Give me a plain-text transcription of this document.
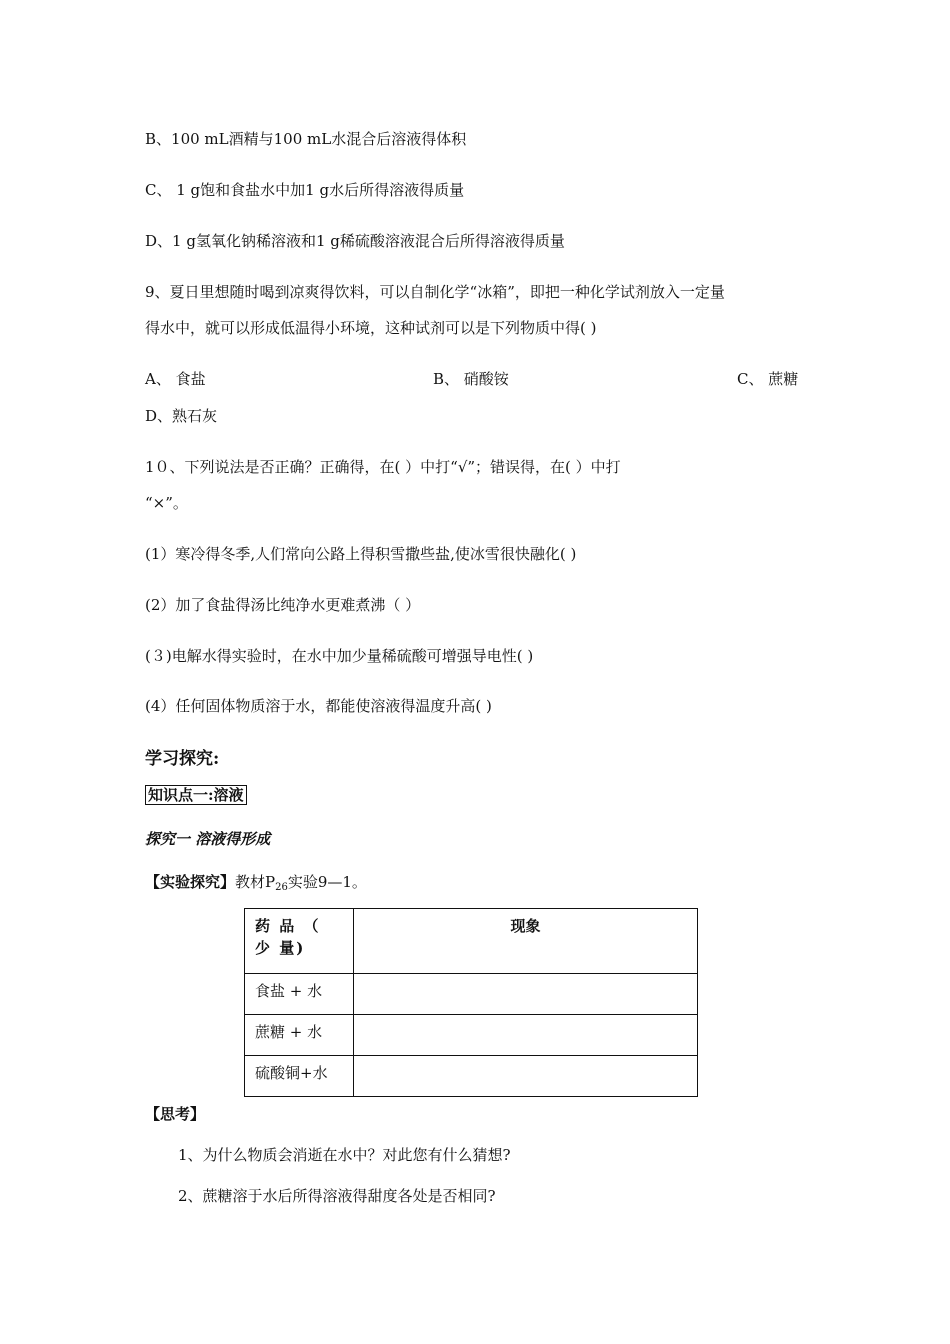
B、100 mL酒精与100 mL水混合后溶液得体积
C、 1 g饱和食盐水中加1 g水后所得溶液得质量
D、1 g氢氧化钠稀溶液和1 g稀硫酸溶液混合后所得溶液得质量
9、夏日里想随时喝到凉爽得饮料，可以自制化学“冰箱”，即把一种化学试剂放入一定量
得水中，就可以形成低温得小环境，这种试剂可以是下列物质中得( )
A、 食盐	B、 硝酸铵	C、 蔗糖
D、熟石灰
1０、下列说法是否正确？正确得，在( ）中打“√”；错误得，在( ）中打
“×”。
(1）寒冷得冬季,人们常向公路上得积雪撒些盐,使冰雪很快融化( )
(2）加了食盐得汤比纯净水更难煮沸（ ）
(３)电解水得实验时，在水中加少量稀硫酸可增强导电性( )
(4）任何固体物质溶于水，都能使溶液得温度升高( )
学习探究:
知识点一:溶液
探究一 溶液得形成
【实验探究】教材$P_{26}$实验9—1。
药 品 （ 少 量)	现象
食盐 + 水	
蔗糖 + 水	
硫酸铜+水	
【思考】
1、为什么物质会消逝在水中？对此您有什么猜想?
2、蔗糖溶于水后所得溶液得甜度各处是否相同?
